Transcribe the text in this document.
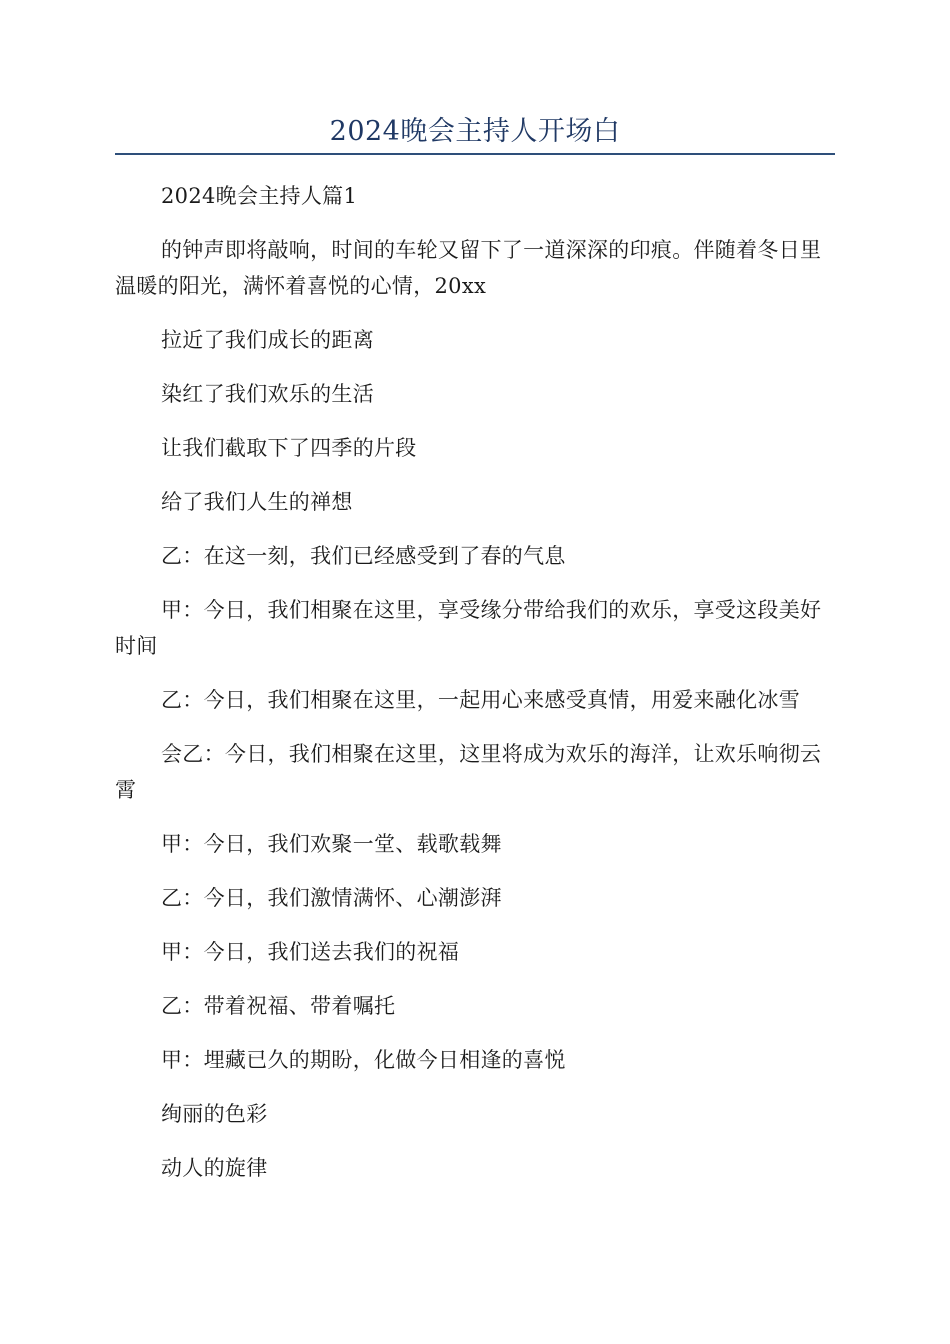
2024晚会主持人开场白

2024晚会主持人篇1

的钟声即将敲响，时间的车轮又留下了一道深深的印痕。伴随着冬日里温暖的阳光，满怀着喜悦的心情，20xx

拉近了我们成长的距离

染红了我们欢乐的生活

让我们截取下了四季的片段

给了我们人生的禅想

乙：在这一刻，我们已经感受到了春的气息

甲：今日，我们相聚在这里，享受缘分带给我们的欢乐，享受这段美好时间

乙：今日，我们相聚在这里，一起用心来感受真情，用爱来融化冰雪

会乙：今日，我们相聚在这里，这里将成为欢乐的海洋，让欢乐响彻云霄

甲：今日，我们欢聚一堂、载歌载舞

乙：今日，我们激情满怀、心潮澎湃

甲：今日，我们送去我们的祝福

乙：带着祝福、带着嘱托

甲：埋藏已久的期盼，化做今日相逢的喜悦

绚丽的色彩

动人的旋律
